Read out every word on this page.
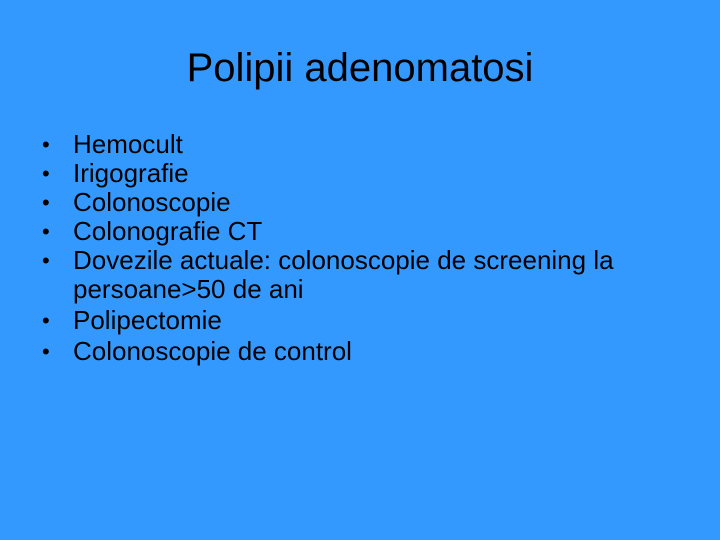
Polipii adenomatosi
• Hemocult
• Irigografie
• Colonoscopie
• Colonografie CT
• Dovezile actuale: colonoscopie de screening la persoane>50 de ani
• Polipectomie
• Colonoscopie de control
